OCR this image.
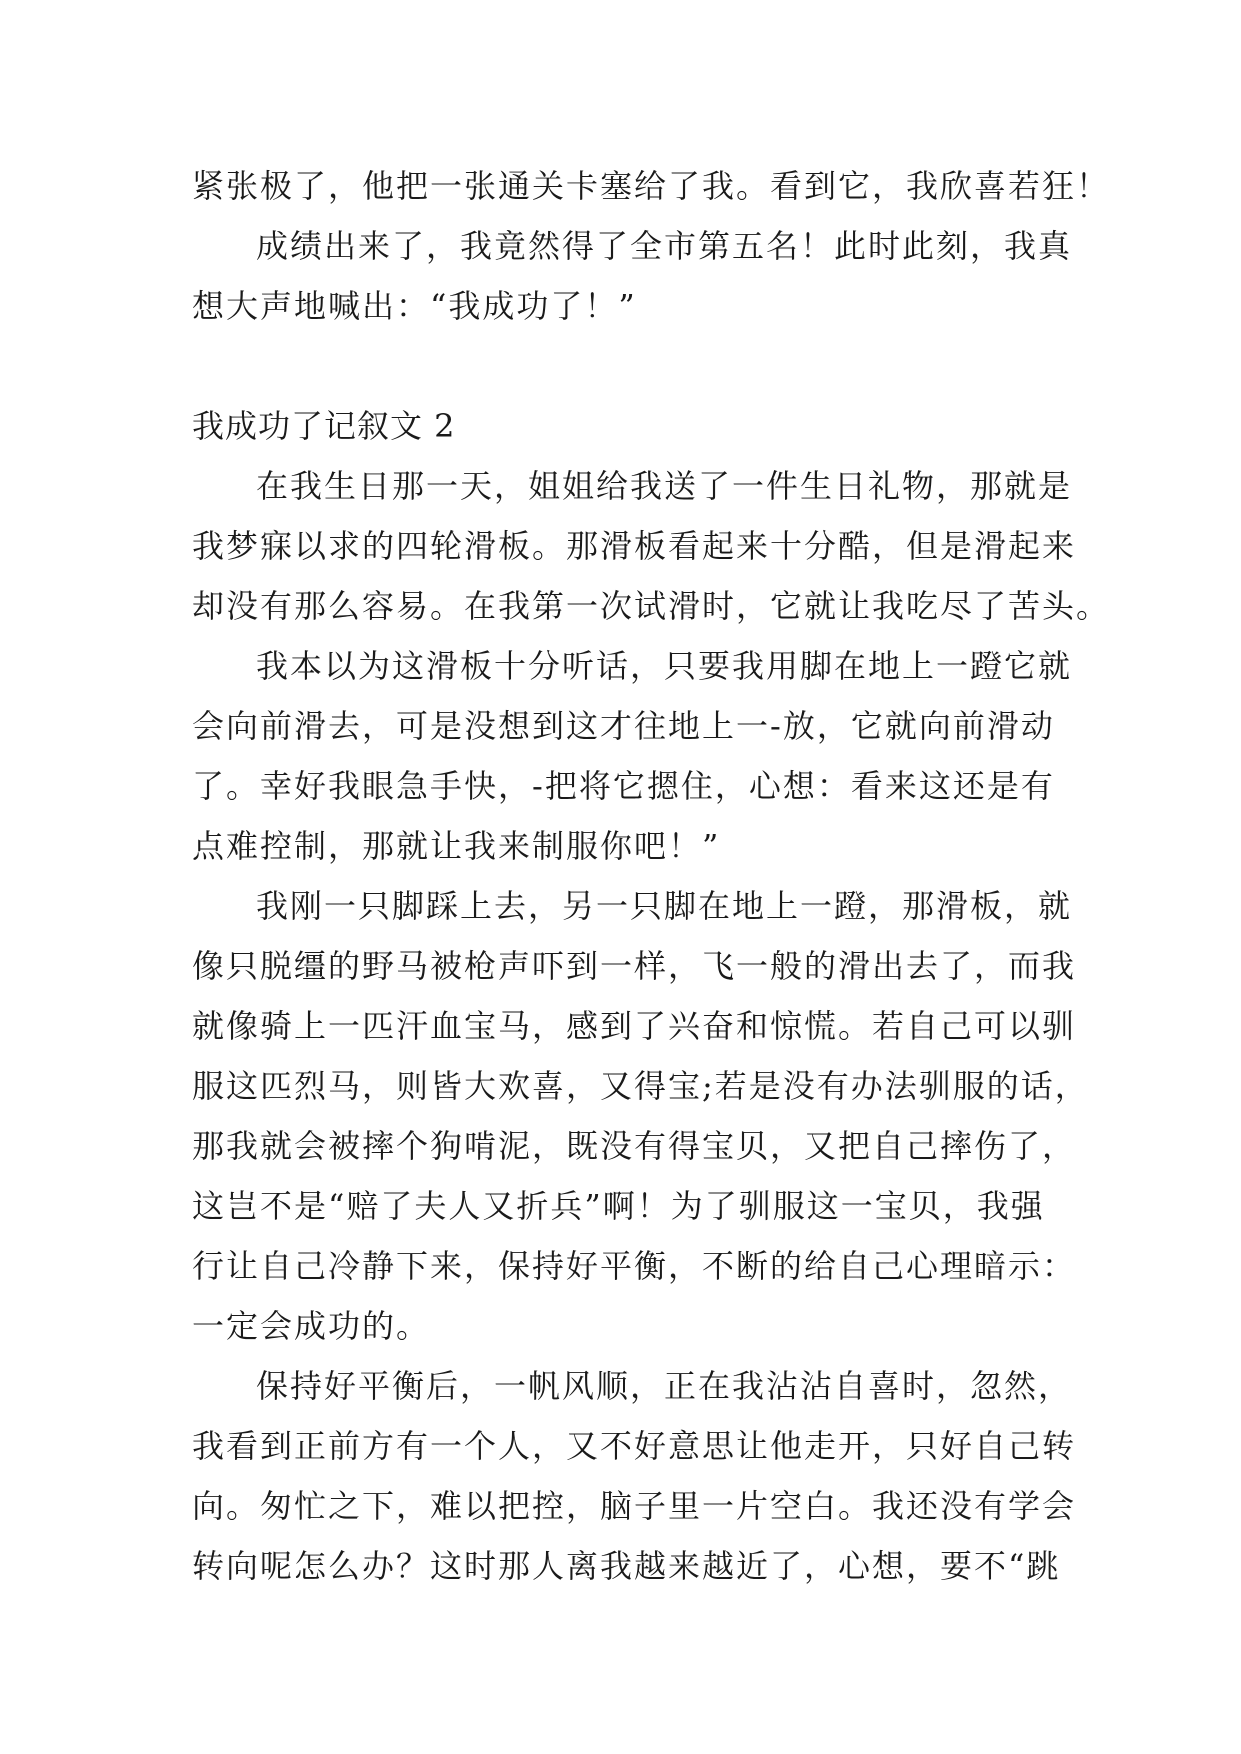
紧张极了，他把一张通关卡塞给了我。看到它，我欣喜若狂！
成绩出来了，我竟然得了全市第五名！此时此刻，我真
想大声地喊出：“我成功了！”
我成功了记叙文 2
在我生日那一天，姐姐给我送了一件生日礼物，那就是
我梦寐以求的四轮滑板。那滑板看起来十分酷，但是滑起来
却没有那么容易。在我第一次试滑时，它就让我吃尽了苦头。
我本以为这滑板十分听话，只要我用脚在地上一蹬它就
会向前滑去，可是没想到这才往地上一-放，它就向前滑动
了。幸好我眼急手快，-把将它摁住，心想：看来这还是有
点难控制，那就让我来制服你吧！”
我刚一只脚踩上去，另一只脚在地上一蹬，那滑板，就
像只脱缰的野马被枪声吓到一样，飞一般的滑出去了，而我
就像骑上一匹汗血宝马，感到了兴奋和惊慌。若自己可以驯
服这匹烈马，则皆大欢喜，又得宝;若是没有办法驯服的话，
那我就会被摔个狗啃泥，既没有得宝贝，又把自己摔伤了，
这岂不是“赔了夫人又折兵”啊！为了驯服这一宝贝，我强
行让自己冷静下来，保持好平衡，不断的给自己心理暗示：
一定会成功的。
保持好平衡后，一帆风顺，正在我沾沾自喜时，忽然，
我看到正前方有一个人，又不好意思让他走开，只好自己转
向。匆忙之下，难以把控，脑子里一片空白。我还没有学会
转向呢怎么办？这时那人离我越来越近了，心想，要不“跳
